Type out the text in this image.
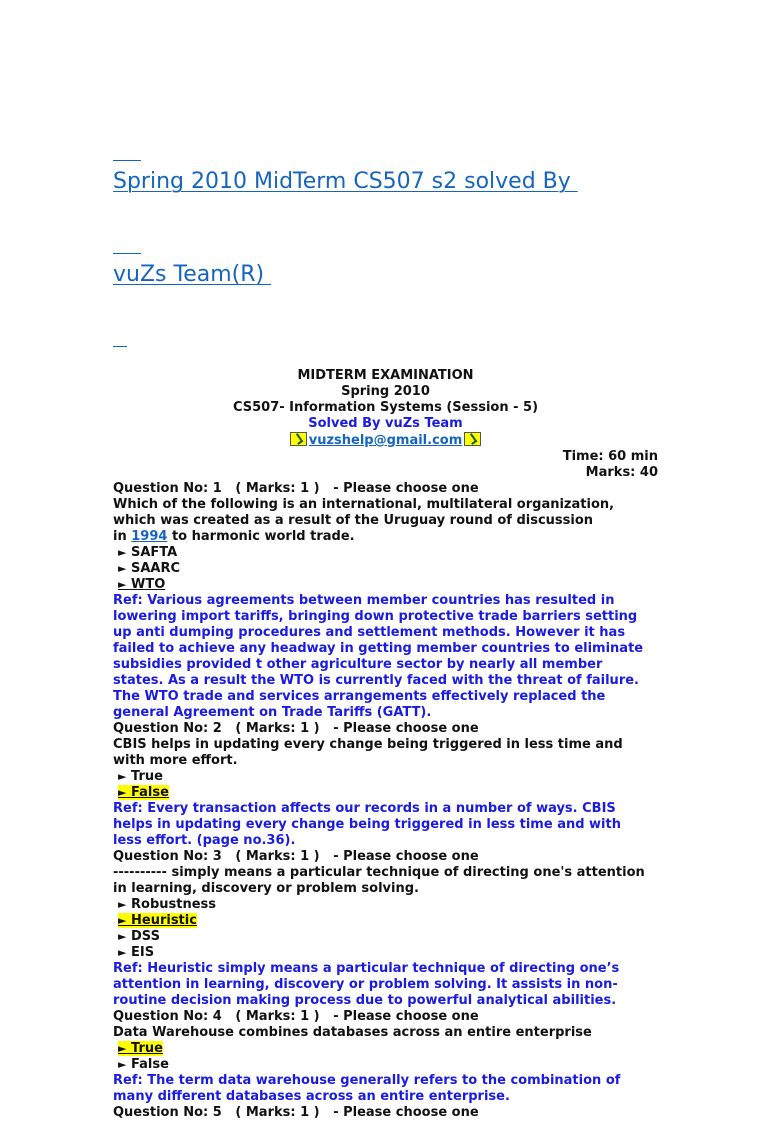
Spring 2010 MidTerm CS507 s2 solved By

vuZs Team(R)

MIDTERM EXAMINATION
Spring 2010
CS507- Information Systems (Session - 5)
Solved By vuZs Team
vuzshelp@gmail.com
Time: 60 min
Marks: 40
Question No: 1   ( Marks: 1 )   - Please choose one
Which of the following is an international, multilateral organization,
which was created as a result of the Uruguay round of discussion
in 1994 to harmonic world trade.
► SAFTA
► SAARC
► WTO
Ref: Various agreements between member countries has resulted in
lowering import tariffs, bringing down protective trade barriers setting
up anti dumping procedures and settlement methods. However it has
failed to achieve any headway in getting member countries to eliminate
subsidies provided t other agriculture sector by nearly all member
states. As a result the WTO is currently faced with the threat of failure.
The WTO trade and services arrangements effectively replaced the
general Agreement on Trade Tariffs (GATT).
Question No: 2   ( Marks: 1 )   - Please choose one
CBIS helps in updating every change being triggered in less time and
with more effort.
► True
► False
Ref: Every transaction affects our records in a number of ways. CBIS
helps in updating every change being triggered in less time and with
less effort. (page no.36).
Question No: 3   ( Marks: 1 )   - Please choose one
---------- simply means a particular technique of directing one's attention
in learning, discovery or problem solving.
► Robustness
► Heuristic
► DSS
► EIS
Ref: Heuristic simply means a particular technique of directing one’s
attention in learning, discovery or problem solving. It assists in non-
routine decision making process due to powerful analytical abilities.
Question No: 4   ( Marks: 1 )   - Please choose one
Data Warehouse combines databases across an entire enterprise
► True
► False
Ref: The term data warehouse generally refers to the combination of
many different databases across an entire enterprise.
Question No: 5   ( Marks: 1 )   - Please choose one
